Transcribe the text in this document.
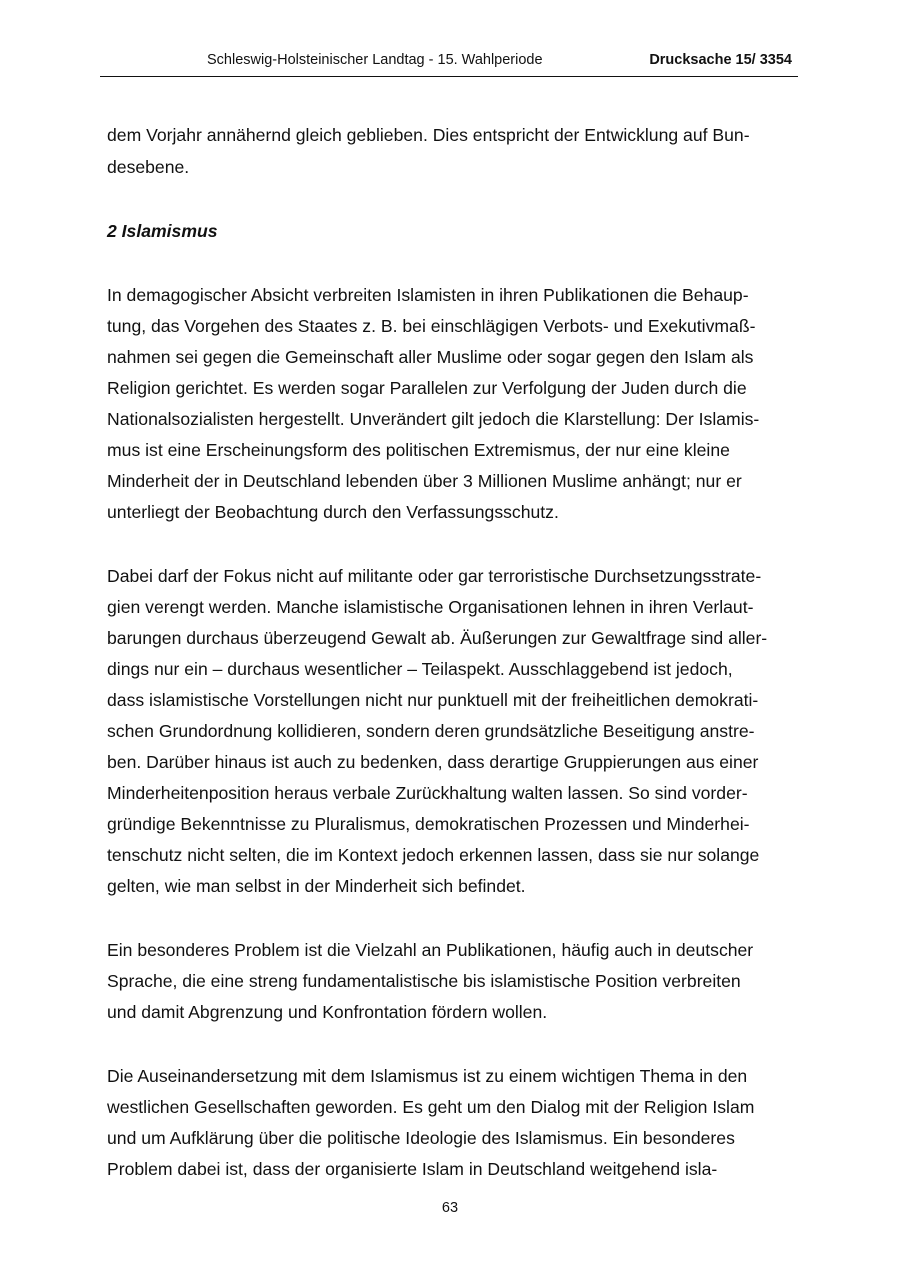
Schleswig-Holsteinischer Landtag - 15. Wahlperiode	Drucksache 15/ 3354
dem Vorjahr annähernd gleich geblieben. Dies entspricht der Entwicklung auf Bun-
desebene.
2 Islamismus
In demagogischer Absicht verbreiten Islamisten in ihren Publikationen die Behaup-
tung, das Vorgehen des Staates z. B. bei einschlägigen Verbots- und Exekutivmaß-
nahmen sei gegen die Gemeinschaft aller Muslime oder sogar gegen den Islam als
Religion gerichtet. Es werden sogar Parallelen zur Verfolgung der Juden durch die
Nationalsozialisten hergestellt. Unverändert gilt jedoch die Klarstellung: Der Islamis-
mus ist eine Erscheinungsform des politischen Extremismus, der nur eine kleine
Minderheit der in Deutschland lebenden über 3 Millionen Muslime anhängt; nur er
unterliegt der Beobachtung durch den Verfassungsschutz.
Dabei darf der Fokus nicht auf militante oder gar terroristische Durchsetzungsstrate-
gien verengt werden. Manche islamistische Organisationen lehnen in ihren Verlaut-
barungen durchaus überzeugend Gewalt ab. Äußerungen zur Gewaltfrage sind aller-
dings nur ein – durchaus wesentlicher – Teilaspekt. Ausschlaggebend ist jedoch,
dass islamistische Vorstellungen nicht nur punktuell mit der freiheitlichen demokrati-
schen Grundordnung kollidieren, sondern deren grundsätzliche Beseitigung anstre-
ben. Darüber hinaus ist auch zu bedenken, dass derartige Gruppierungen aus einer
Minderheitenposition heraus verbale Zurückhaltung walten lassen. So sind vorder-
gründige Bekenntnisse zu Pluralismus, demokratischen Prozessen und Minderhei-
tenschutz nicht selten, die im Kontext jedoch erkennen lassen, dass sie nur solange
gelten, wie man selbst in der Minderheit sich befindet.
Ein besonderes Problem ist die Vielzahl an Publikationen, häufig auch in deutscher
Sprache, die eine streng fundamentalistische bis islamistische Position verbreiten
und damit Abgrenzung und Konfrontation fördern wollen.
Die Auseinandersetzung mit dem Islamismus ist zu einem wichtigen Thema in den
westlichen Gesellschaften geworden. Es geht um den Dialog mit der Religion Islam
und um Aufklärung über die politische Ideologie des Islamismus. Ein besonderes
Problem dabei ist, dass der organisierte Islam in Deutschland weitgehend isla-
63
